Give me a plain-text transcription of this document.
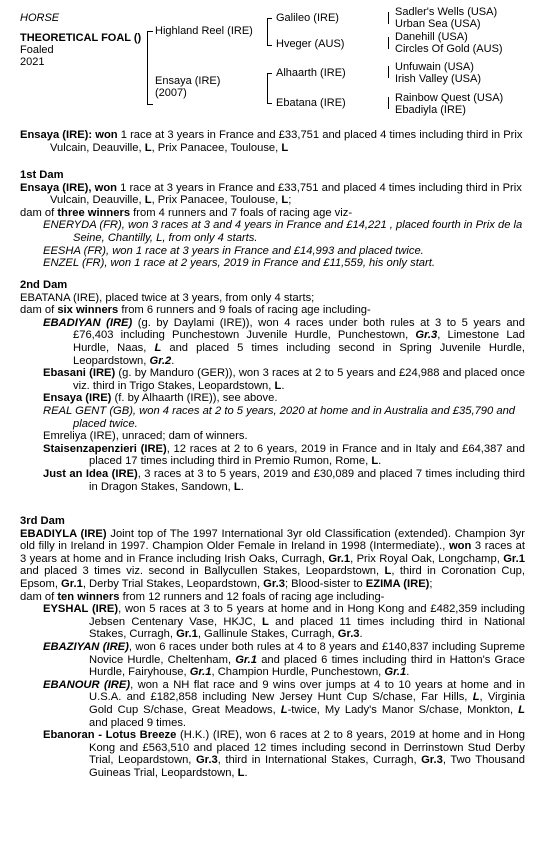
HORSE
THEORETICAL FOAL ()
Foaled
2021
Highland Reel (IRE)
Ensaya (IRE)
(2007)
Galileo (IRE)
Hveger (AUS)
Alhaarth (IRE)
Ebatana (IRE)
Sadler's Wells (USA)
Urban Sea (USA)
Danehill (USA)
Circles Of Gold (AUS)
Unfuwain (USA)
Irish Valley (USA)
Rainbow Quest (USA)
Ebadiyla (IRE)

Ensaya (IRE): won 1 race at 3 years in France and £33,751 and placed 4 times including third in Prix Vulcain, Deauville, L, Prix Panacee, Toulouse, L

1st Dam

Ensaya (IRE), won 1 race at 3 years in France and £33,751 and placed 4 times including third in Prix Vulcain, Deauville, L, Prix Panacee, Toulouse, L;

dam of three winners from 4 runners and 7 foals of racing age viz-

ENERYDA (FR), won 3 races at 3 and 4 years in France and £14,221 , placed fourth in Prix de la Seine, Chantilly, L, from only 4 starts.

EESHA (FR), won 1 race at 3 years in France and £14,993 and placed twice.

ENZEL (FR), won 1 race at 2 years, 2019 in France and £11,559, his only start.

2nd Dam

EBATANA (IRE), placed twice at 3 years, from only 4 starts;

dam of six winners from 6 runners and 9 foals of racing age including-

EBADIYAN (IRE) (g. by Daylami (IRE)), won 4 races under both rules at 3 to 5 years and £76,403 including Punchestown Juvenile Hurdle, Punchestown, Gr.3, Limestone Lad Hurdle, Naas, L and placed 5 times including second in Spring Juvenile Hurdle, Leopardstown, Gr.2.

Ebasani (IRE) (g. by Manduro (GER)), won 3 races at 2 to 5 years and £24,988 and placed once viz. third in Trigo Stakes, Leopardstown, L.

Ensaya (IRE) (f. by Alhaarth (IRE)), see above.

REAL GENT (GB), won 4 races at 2 to 5 years, 2020 at home and in Australia and £35,790 and placed twice.

Emreliya (IRE), unraced; dam of winners.

Staisenzapenzieri (IRE), 12 races at 2 to 6 years, 2019 in France and in Italy and £64,387 and placed 17 times including third in Premio Rumon, Rome, L.

Just an Idea (IRE), 3 races at 3 to 5 years, 2019 and £30,089 and placed 7 times including third in Dragon Stakes, Sandown, L.

3rd Dam

EBADIYLA (IRE) Joint top of The 1997 International 3yr old Classification (extended). Champion 3yr old filly in Ireland in 1997. Champion Older Female in Ireland in 1998 (Intermediate)., won 3 races at 3 years at home and in France including Irish Oaks, Curragh, Gr.1, Prix Royal Oak, Longchamp, Gr.1 and placed 3 times viz. second in Ballycullen Stakes, Leopardstown, L, third in Coronation Cup, Epsom, Gr.1, Derby Trial Stakes, Leopardstown, Gr.3; Blood-sister to EZIMA (IRE);

dam of ten winners from 12 runners and 12 foals of racing age including-

EYSHAL (IRE), won 5 races at 3 to 5 years at home and in Hong Kong and £482,359 including Jebsen Centenary Vase, HKJC, L and placed 11 times including third in National Stakes, Curragh, Gr.1, Gallinule Stakes, Curragh, Gr.3.

EBAZIYAN (IRE), won 6 races under both rules at 4 to 8 years and £140,837 including Supreme Novice Hurdle, Cheltenham, Gr.1 and placed 6 times including third in Hatton's Grace Hurdle, Fairyhouse, Gr.1, Champion Hurdle, Punchestown, Gr.1.

EBANOUR (IRE), won a NH flat race and 9 wins over jumps at 4 to 10 years at home and in U.S.A. and £182,858 including New Jersey Hunt Cup S/chase, Far Hills, L, Virginia Gold Cup S/chase, Great Meadows, L-twice, My Lady's Manor S/chase, Monkton, L and placed 9 times.

Ebanoran - Lotus Breeze (H.K.) (IRE), won 6 races at 2 to 8 years, 2019 at home and in Hong Kong and £563,510 and placed 12 times including second in Derrinstown Stud Derby Trial, Leopardstown, Gr.3, third in International Stakes, Curragh, Gr.3, Two Thousand Guineas Trial, Leopardstown, L.
